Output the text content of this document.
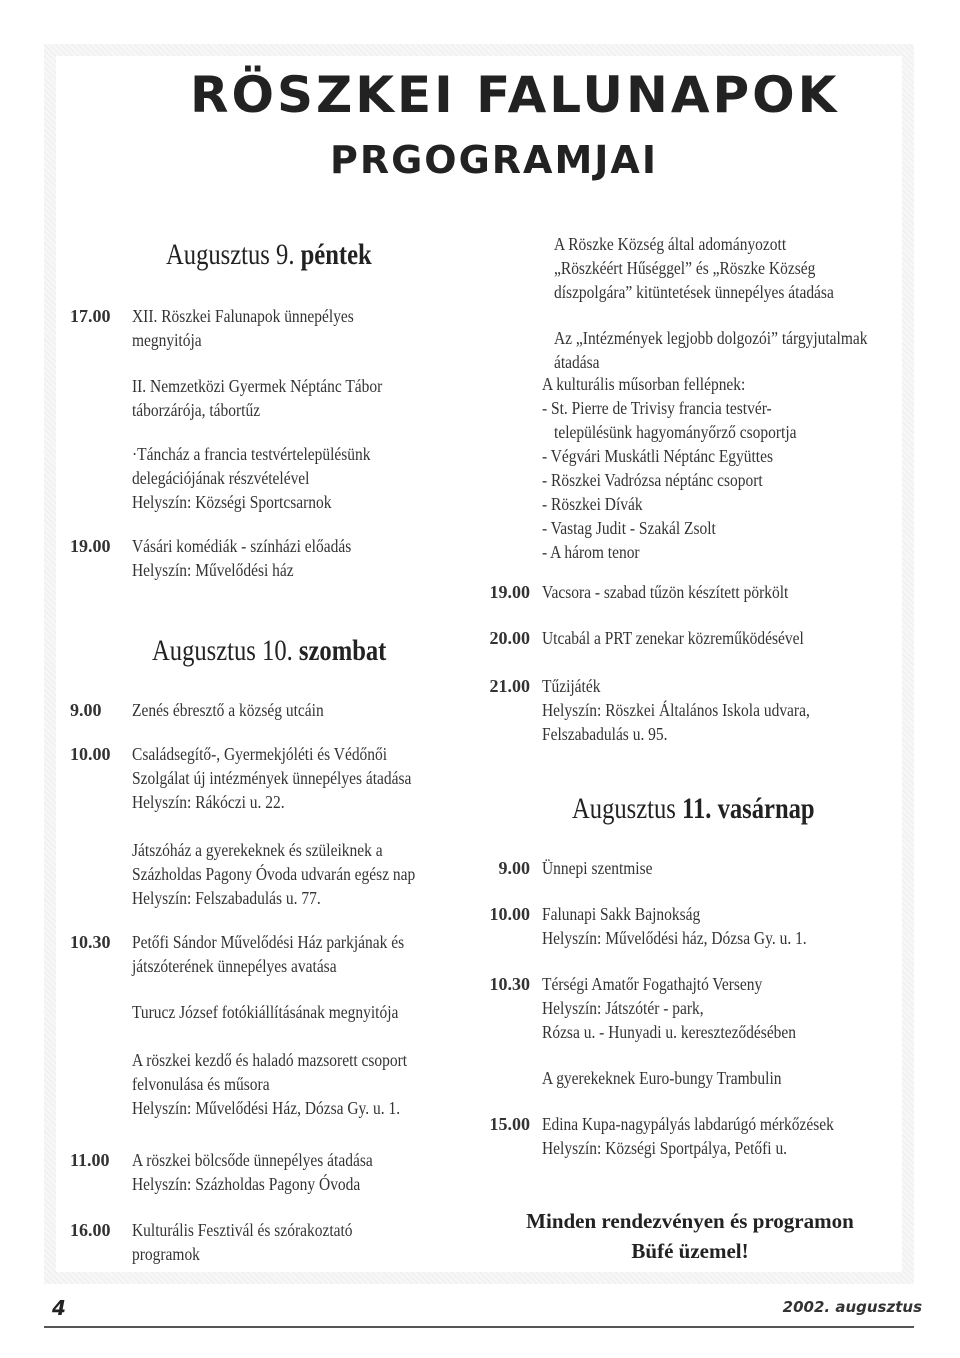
RÖSZKEI FALUNAPOK
PRGOGRAMJAI
Augusztus 9. péntek
Augusztus 10. szombat
Augusztus 11. vasárnap
17.00 XII. Röszkei Falunapok ünnepélyes
megnyitója
II. Nemzetközi Gyermek Néptánc Tábor
táborzárója, tábortűz
·Táncház a francia testvértelepülésünk
delegációjának részvételével
Helyszín: Községi Sportcsarnok
19.00 Vásári komédiák - színházi előadás
Helyszín: Művelődési ház
9.00 Zenés ébresztő a község utcáin
10.00 Családsegítő-, Gyermekjóléti és Védőnői
Szolgálat új intézmények ünnepélyes átadása
Helyszín: Rákóczi u. 22.
Játszóház a gyerekeknek és szüleiknek a
Százholdas Pagony Óvoda udvarán egész nap
Helyszín: Felszabadulás u. 77.
10.30 Petőfi Sándor Művelődési Ház parkjának és
játszóterének ünnepélyes avatása
Turucz József fotókiállításának megnyitója
A röszkei kezdő és haladó mazsorett csoport
felvonulása és műsora
Helyszín: Művelődési Ház, Dózsa Gy. u. 1.
11.00 A röszkei bölcsőde ünnepélyes átadása
Helyszín: Százholdas Pagony Óvoda
16.00 Kulturális Fesztivál és szórakoztató
programok
A Röszke Község által adományozott
„Röszkéért Hűséggel” és „Röszke Község
díszpolgára” kitüntetések ünnepélyes átadása
Az „Intézmények legjobb dolgozói” tárgyjutalmak
átadása
A kulturális műsorban fellépnek:
- St. Pierre de Trivisy francia testvér-
településünk hagyományőrző csoportja
- Végvári Muskátli Néptánc Együttes
- Röszkei Vadrózsa néptánc csoport
- Röszkei Dívák
- Vastag Judit - Szakál Zsolt
- A három tenor
19.00 Vacsora - szabad tűzön készített pörkölt
20.00 Utcabál a PRT zenekar közreműködésével
21.00 Tűzijáték
Helyszín: Röszkei Általános Iskola udvara,
Felszabadulás u. 95.
9.00 Ünnepi szentmise
10.00 Falunapi Sakk Bajnokság
Helyszín: Művelődési ház, Dózsa Gy. u. 1.
10.30 Térségi Amatőr Fogathajtó Verseny
Helyszín: Játszótér - park,
Rózsa u. - Hunyadi u. kereszteződésében
A gyerekeknek Euro-bungy Trambulin
15.00 Edina Kupa-nagypályás labdarúgó mérkőzések
Helyszín: Községi Sportpálya, Petőfi u.
Minden rendezvényen és programon
Büfé üzemel!
4	2002. augusztus
